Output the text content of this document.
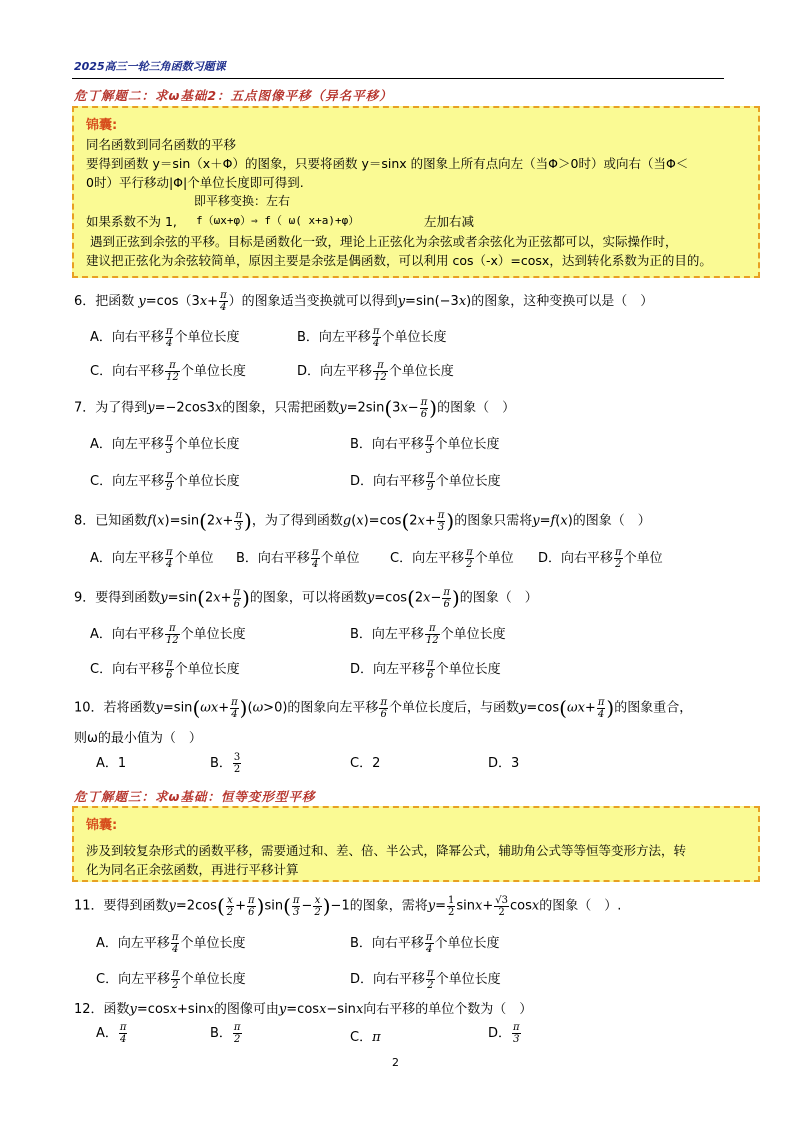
2025高三一轮三角函数习题课
危丁解题二：求ω基础2：五点图像平移（异名平移）
锦囊:
同名函数到同名函数的平移
要得到函数 y＝sin（x＋Φ）的图象，只要将函数 y＝sinx 的图象上所有点向左（当Φ＞0时）或向右（当Φ＜
0时）平行移动|Φ|个单位长度即可得到.
即平移变换：左右
如果系数不为 1, f（ωx+φ）⇒ f（ ω( x+a)+φ）	左加右减
遇到正弦到余弦的平移。目标是函数化一致，理论上正弦化为余弦或者余弦化为正弦都可以，实际操作时，
建议把正弦化为余弦较简单，原因主要是余弦是偶函数，可以利用 cos（-x）=cosx，达到转化系数为正的目的。
6．把函数 $y=\cos(3x+ \frac{\pi}{4}$ ）的图象适当变换就可以得到y=sin(−3x)的图象，这种变换可以是（　）
A．向右平移 $\frac{\pi}{4}$ 个单位长度	B．向左平移 $\frac{\pi}{4}$ 个单位长度
C．向右平移 $\frac{\pi}{12}$ 个单位长度	D．向左平移 $\frac{\pi}{12}$ 个单位长度
7．为了得到y=−2cos3x的图象，只需把函数$y=2\sin(3x- \frac{\pi}{6}$ )的图象（　）
A．向左平移 $\frac{\pi}{3}$ 个单位长度	B．向右平移 $\frac{\pi}{3}$ 个单位长度
C．向左平移 $\frac{\pi}{9}$ 个单位长度	D．向右平移 $\frac{\pi}{9}$ 个单位长度
8．已知函数$f(x)=\sin(2x+ \frac{\pi}{3}$ )，为了得到函数$g(x)=\cos(2x+ \frac{\pi}{3}$ )的图象只需将y=f(x)的图象（　）
A．向左平移 $\frac{\pi}{4}$ 个单位 B．向右平移 $\frac{\pi}{4}$ 个单位 C．向左平移 $\frac{\pi}{2}$ 个单位 D．向右平移 $\frac{\pi}{2}$ 个单位
9．要得到函数$y=\sin(2x+ \frac{\pi}{6}$ )的图象，可以将函数$y=\cos(2x- \frac{\pi}{6}$ )的图象（　）
A．向右平移 $\frac{\pi}{12}$ 个单位长度	B．向左平移 $\frac{\pi}{12}$ 个单位长度
C．向右平移 $\frac{\pi}{6}$ 个单位长度	D．向左平移 $\frac{\pi}{6}$ 个单位长度
10．若将函数$y=\sin(\omega x+ \frac{\pi}{4} )(\omega>0)$的图象向左平移 $\frac{\pi}{6}$ 个单位长度后，与函数$y=\cos(\omega x+ \frac{\pi}{4}$ )的图象重合，
则ω的最小值为（　）
A．1	B． $\frac{3}{2}$	C．2	D．3
危丁解题三：求ω基础：恒等变形型平移
锦囊:
涉及到较复杂形式的函数平移，需要通过和、差、倍、半公式，降幂公式，辅助角公式等等恒等变形方法，转
化为同名正余弦函数，再进行平移计算
11．要得到函数$y=2\cos( \frac{x}{2} + \frac{\pi}{6} )\sin( \frac{\pi}{3} - \frac{x}{2} )-1$的图象，需将$y= \frac{1}{2} \sin x+ \frac{√3}{2}$ cosx的图象（　）.
A．向左平移 $\frac{\pi}{4}$ 个单位长度	B．向右平移 $\frac{\pi}{4}$ 个单位长度
C．向左平移 $\frac{\pi}{2}$ 个单位长度	D．向右平移 $\frac{\pi}{2}$ 个单位长度
12．函数y=cosx+sinx的图像可由y=cosx−sinx向右平移的单位个数为（　）
A． $\frac{\pi}{4}$	B． $\frac{\pi}{2}$	C．π	D． $\frac{\pi}{3}$
2
